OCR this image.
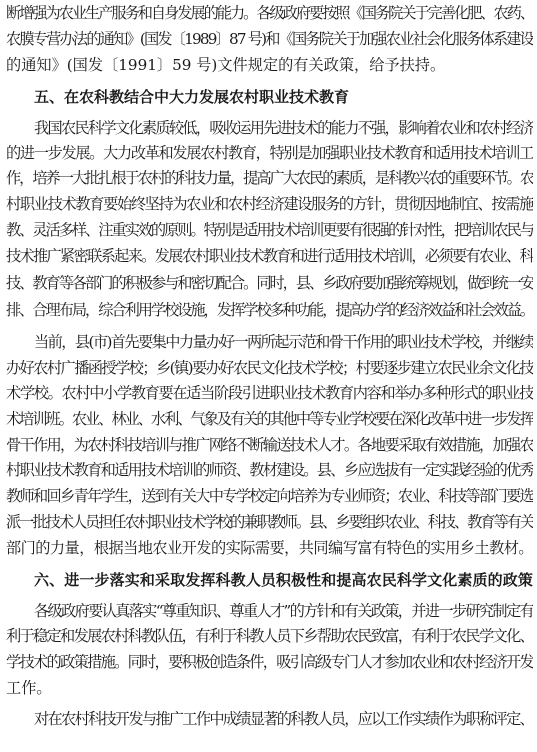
断增强为农业生产服务和自身发展的能力。各级政府要按照《国务院关于完善化肥、农药、
农膜专营办法的通知》(国发〔1989〕87 号)和《国务院关于加强农业社会化服务体系建设
的通知》(国发〔1991〕59 号)文件规定的有关政策，给予扶持。
五、在农科教结合中大力发展农村职业技术教育
我国农民科学文化素质较低，吸收运用先进技术的能力不强，影响着农业和农村经济
的进一步发展。大力改革和发展农村教育，特别是加强职业技术教育和适用技术培训工
作，培养一大批扎根于农村的科技力量，提高广大农民的素质，是科教兴农的重要环节。农
村职业技术教育要始终坚持为农业和农村经济建设服务的方针，贯彻因地制宜、按需施
教、灵活多样、注重实效的原则。特别是适用技术培训更要有很强的针对性，把培训农民与
技术推广紧密联系起来。发展农村职业技术教育和进行适用技术培训，必须要有农业、科
技、教育等各部门的积极参与和密切配合。同时，县、乡政府要加强统筹规划，做到统一安
排、合理布局，综合利用学校设施，发挥学校多种功能，提高办学的经济效益和社会效益。
当前，县(市)首先要集中力量办好一两所起示范和骨干作用的职业技术学校，并继续
办好农村广播函授学校；乡(镇)要办好农民文化技术学校；村要逐步建立农民业余文化技
术学校。农村中小学教育要在适当阶段引进职业技术教育内容和举办多种形式的职业技
术培训班。农业、林业、水利、气象及有关的其他中等专业学校要在深化改革中进一步发挥
骨干作用，为农村科技培训与推广网络不断输送技术人才。各地要采取有效措施，加强农
村职业技术教育和适用技术培训的师资、教材建设。县、乡应选拔有一定实践经验的优秀
教师和回乡青年学生，送到有关大中专学校定向培养为专业师资；农业、科技等部门要选
派一批技术人员担任农村职业技术学校的兼职教师。县、乡要组织农业、科技、教育等有关
部门的力量，根据当地农业开发的实际需要，共同编写富有特色的实用乡土教材。
六、进一步落实和采取发挥科教人员积极性和提高农民科学文化素质的政策
各级政府要认真落实“尊重知识、尊重人才”的方针和有关政策，并进一步研究制定有
利于稳定和发展农村科教队伍，有利于科教人员下乡帮助农民致富，有利于农民学文化、
学技术的政策措施。同时，要积极创造条件，吸引高级专门人才参加农业和农村经济开发
工作。
对在农村科技开发与推广工作中成绩显著的科教人员，应以工作实绩作为职称评定、
